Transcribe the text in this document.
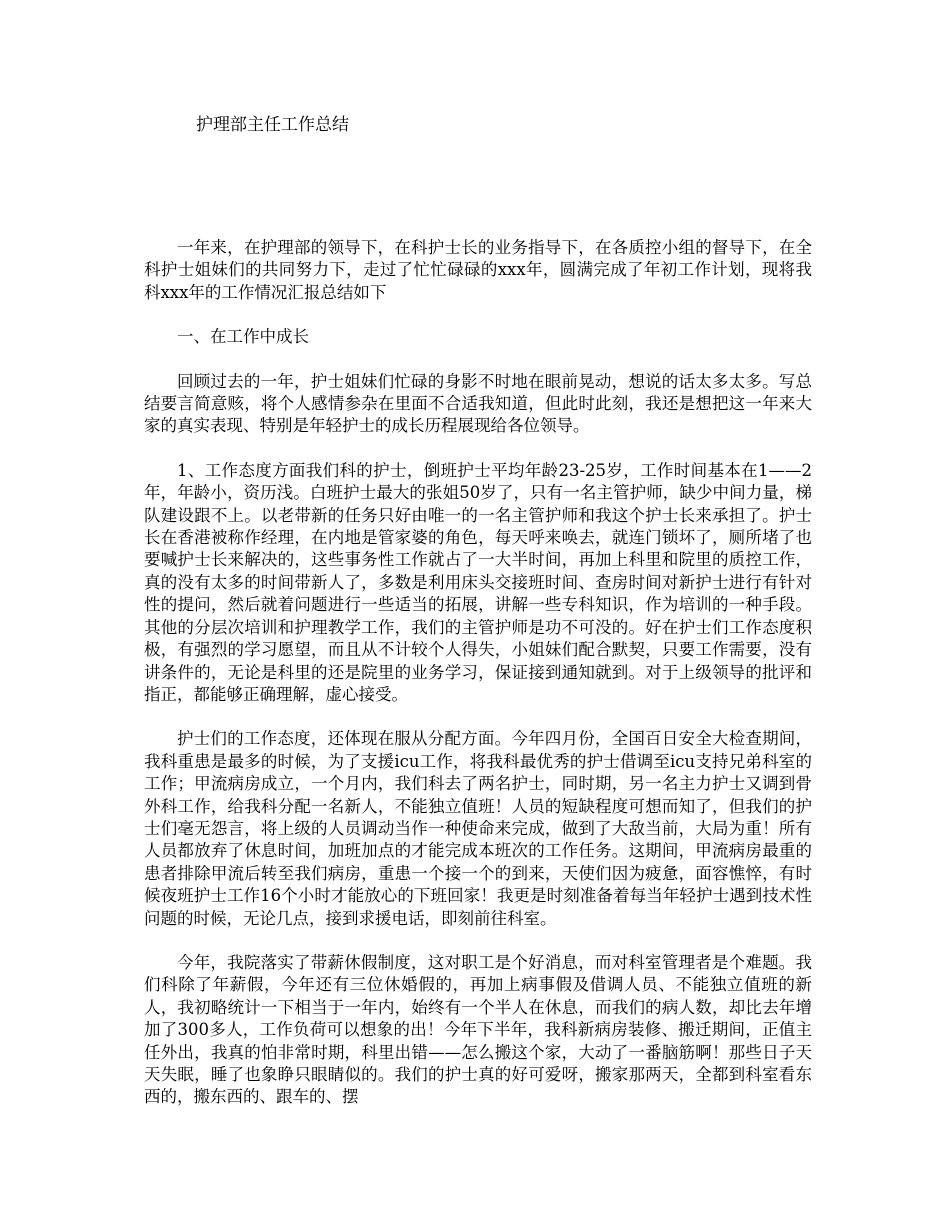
护理部主任工作总结

一年来，在护理部的领导下，在科护士长的业务指导下，在各质控小组的督导下，在全科护士姐妹们的共同努力下，走过了忙忙碌碌的xxx年，圆满完成了年初工作计划，现将我科xxx年的工作情况汇报总结如下

一、在工作中成长

回顾过去的一年，护士姐妹们忙碌的身影不时地在眼前晃动，想说的话太多太多。写总结要言简意赅，将个人感情参杂在里面不合适我知道，但此时此刻，我还是想把这一年来大家的真实表现、特别是年轻护士的成长历程展现给各位领导。

1、工作态度方面我们科的护士，倒班护士平均年龄23-25岁，工作时间基本在1——2年，年龄小，资历浅。白班护士最大的张姐50岁了，只有一名主管护师，缺少中间力量，梯队建设跟不上。以老带新的任务只好由唯一的一名主管护师和我这个护士长来承担了。护士长在香港被称作经理，在内地是管家婆的角色，每天呼来唤去，就连门锁坏了，厕所堵了也要喊护士长来解决的，这些事务性工作就占了一大半时间，再加上科里和院里的质控工作，真的没有太多的时间带新人了，多数是利用床头交接班时间、查房时间对新护士进行有针对性的提问，然后就着问题进行一些适当的拓展，讲解一些专科知识，作为培训的一种手段。其他的分层次培训和护理教学工作，我们的主管护师是功不可没的。好在护士们工作态度积极，有强烈的学习愿望，而且从不计较个人得失，小姐妹们配合默契，只要工作需要，没有讲条件的，无论是科里的还是院里的业务学习，保证接到通知就到。对于上级领导的批评和指正，都能够正确理解，虚心接受。

护士们的工作态度，还体现在服从分配方面。今年四月份，全国百日安全大检查期间，我科重患是最多的时候，为了支援icu工作，将我科最优秀的护士借调至icu支持兄弟科室的工作；甲流病房成立，一个月内，我们科去了两名护士，同时期，另一名主力护士又调到骨外科工作，给我科分配一名新人，不能独立值班！人员的短缺程度可想而知了，但我们的护士们毫无怨言，将上级的人员调动当作一种使命来完成，做到了大敌当前，大局为重！所有人员都放弃了休息时间，加班加点的才能完成本班次的工作任务。这期间，甲流病房最重的患者排除甲流后转至我们病房，重患一个接一个的到来，天使们因为疲惫，面容憔悴，有时候夜班护士工作16个小时才能放心的下班回家！我更是时刻准备着每当年轻护士遇到技术性问题的时候，无论几点，接到求援电话，即刻前往科室。

今年，我院落实了带薪休假制度，这对职工是个好消息，而对科室管理者是个难题。我们科除了年薪假，今年还有三位休婚假的，再加上病事假及借调人员、不能独立值班的新人，我初略统计一下相当于一年内，始终有一个半人在休息，而我们的病人数，却比去年增加了300多人，工作负荷可以想象的出！今年下半年，我科新病房装修、搬迁期间，正值主任外出，我真的怕非常时期，科里出错——怎么搬这个家，大动了一番脑筋啊！那些日子天天失眠，睡了也象睁只眼睛似的。我们的护士真的好可爱呀，搬家那两天，全都到科室看东西的，搬东西的、跟车的、摆
